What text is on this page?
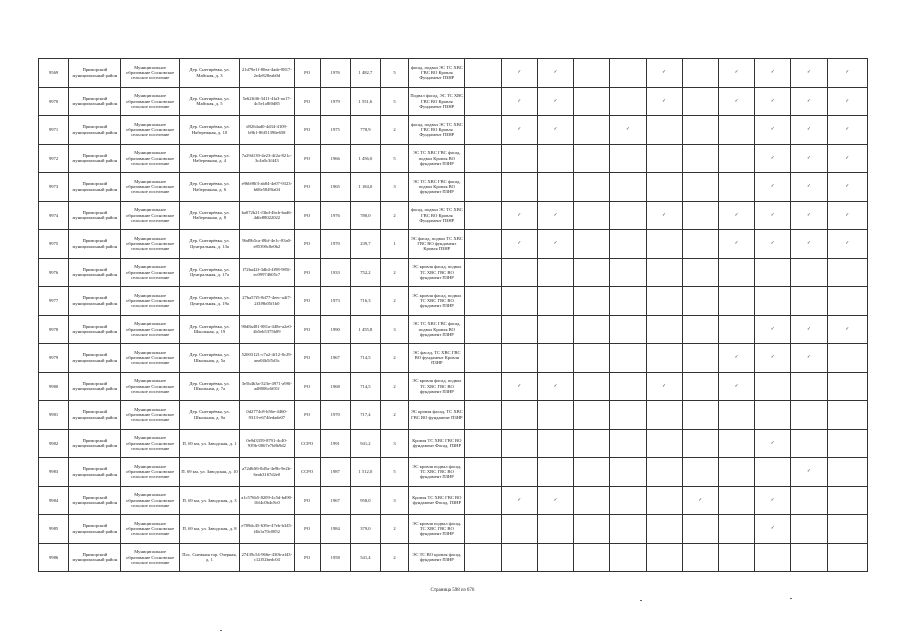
9569	Приморский муниципальный район	Муниципальное образование Сосновское сельское поселение	Дер. Снегирёвка, ул. Майская, д. 3	21d79e1f-80ea-4ade-8817-2e4e828eab0d	РО	1976	1 482,7	5	фасад, подвал ЭС ТС ХВС ГВС ВО Кровля Фундамент ПЗНР		✓	✓			✓		✓	✓	✓	✓
9970	Приморский муниципальный район	Муниципальное образование Сосновское сельское поселение	Дер. Снегирёвка, ул. Майская, д. 5	5e62ff46-3411-4fa3-aa17-4c5e1a8f0d85	РО	1979	1 551,6	5	Подвал фасад, ЭС ТС ХВС ГВС ВО Кровля Фундамент ПЗНР		✓	✓			✓		✓	✓	✓	✓
9971	Приморский муниципальный район	Муниципальное образование Сосновское сельское поселение	Дер. Снегирёвка, ул. Набережная, д. 10	d9264ad0-4d34-4109-b9b1-86f51396e658	РО	1975	778,9	2	фасад, подвал ЭС ТС ХВС ГВС ВО Кровля Фундамент ПЗНР		✓	✓		✓				✓	✓	✓
9972	Приморский муниципальный район	Муниципальное образование Сосновское сельское поселение	Дер. Снегирёвка, ул. Набережная, д. 4	7a29d139-4e23-4f2a-821c-3c4a0c3f443	РО	1966	1 456,0	5	ЭС ТС ХВС ГВС фасад, подвал Кровля ВО фундамент ПЗНР									✓	✓	✓
9973	Приморский муниципальный район	Муниципальное образование Сосновское сельское поселение	Дер. Снегирёвка, ул. Набережная, д. 6	e96b98f3-ab84-4e07-9323-b68e5849fa04	РО	1965	1 184,0	3	ЭС ТС ХВС ГВС фасад, подвал Кровля ВО фундамент ПЗНР									✓	✓	✓
9974	Приморский муниципальный район	Муниципальное образование Сосновское сельское поселение	Дер. Снегирёвка, ул. Набережная, д. 8	ba072b21-f3bd-4bcb-bad6-4dfe88022022	РО	1976	780,0	2	фасад, подвал ЭС ТС ХВС ГВС ВО Кровля Фундамент ПЗНР		✓	✓			✓		✓	✓	✓	✓
9975	Приморский муниципальный район	Муниципальное образование Сосновское сельское поселение	Дер. Снегирёвка, ул. Центральная, д. 13а	9bd9b5ca-f8bf-4e1c-83a0-e85390c8e0b2	РО	1970	239,7	1	ЭС фасад, подвал ТС ХВС ГВС ВО фундамент Кровля ПЗНР		✓	✓					✓	✓	✓	✓
9976	Приморский муниципальный район	Муниципальное образование Сосновское сельское поселение	Дер. Снегирёвка, ул. Центральная, д. 17а	f72ba42f-3db4-4f98-985f-ec09974605c7	РО	1933	752,2	2	ЭС кровля фасад, подвал ТС ХВС ГВС ВО фундамент ПЗНР											
9977	Приморский муниципальный район	Муниципальное образование Сосновское сельское поселение	Дер. Снегирёвка, ул. Центральная, д. 19а	27ba57f5-8d77-4eec-a4f7-2f3f9b05f1b0	РО	1973	716,3	2	ЭС кровля фасад, подвал ТС ХВС ГВС ВО фундамент ПЗНР											
9978	Приморский муниципальный район	Муниципальное образование Сосновское сельское поселение	Дер. Снегирёвка, ул. Школьная, д. 19	90d8a481-881a-448e-a2e0-4b5eb5375b89	РО	1990	1 455,8	3	ЭС ТС ХВС ГВС фасад, подвал Кровля ВО фундамент ПЗНР									✓	✓	✓
9979	Приморский муниципальный район	Муниципальное образование Сосновское сельское поселение	Дер. Снегирёвка, ул. Школьная, д. 5а	52003121-c7a2-4f12-8c29-aea04b5f5d3c	РО	1967	714,5	2	ЭС фасад, ТС ХВС ГВС ВО фундамент Кровля ПЗНР								✓	✓	✓	
9980	Приморский муниципальный район	Муниципальное образование Сосновское сельское поселение	Дер. Снегирёвка, ул. Школьная, д. 7а	3e5b4b3a-523e-4971-a98f-ad8006c6f01f	РО	1968	714,5	2	ЭС кровля фасад, подвал ТС ХВС ГВС ВО фундамент ПЗНР		✓	✓			✓		✓			
9981	Приморский муниципальный район	Муниципальное образование Сосновское сельское поселение	Дер. Снегирёвка, ул. Школьная, д. 9а	0d2774c8-b56e-4460-9313-e674fedade07	РО	1970	717,4	2	ЭС кровля фасад, ТС ХВС ГВС ВО фундамент ПЗНР											
9982	Приморский муниципальный район	Муниципальное образование Сосновское сельское поселение	П. 69 км, ул. Заводская, д. 1	0e9d3359-8791-4c40-939b-0067e7b8b9d2	ССРО	1991	941,2	3	Кровля ТС ХВС ГВС ВО фундамент Фасад, ПЗНР									✓		
9983	Приморский муниципальный район	Муниципальное образование Сосновское сельское поселение	П. 69 км, ул. Заводская, д. 10	a72d6ff6-8d5a-4e9b-9e2b-6eab3167d2e0	ССРО	1987	1 512,0	5	ЭС кровля подвал фасад, ТС ХВС ГВС ВО фундамент ПЗНР										✓	
9984	Приморский муниципальный район	Муниципальное образование Сосновское сельское поселение	П. 69 км, ул. Заводская, д. 3	a1c576b5-8209-4c5d-bd90-16f4c0b4c8c0	РО	1967	958,0	3	Кровля ТС ХВС ГВС ВО фундамент Фасад, ПЗНР		✓	✓				✓		✓		
9985	Приморский муниципальный район	Муниципальное образование Сосновское сельское поселение	П. 69 км, ул. Заводская, д. 8	e789dc45-639e-47eb-b345-f4b1a70c0852	РО	1984	379,0	2	ЭС кровля подвал фасад, ТС ХВС ГВС ВО фундамент ПЗНР									✓		
9986	Приморский муниципальный район	Муниципальное образование Сосновское сельское поселение	Пос. Снежная гор. Озерная, д. 1	27439c54-966e-430b-af43-c12f52bedc04	РО	1958	541,4	2	ЭС ТС ВО кровля фасад, фундамент ПЗНР											
Страница 598 из 676
